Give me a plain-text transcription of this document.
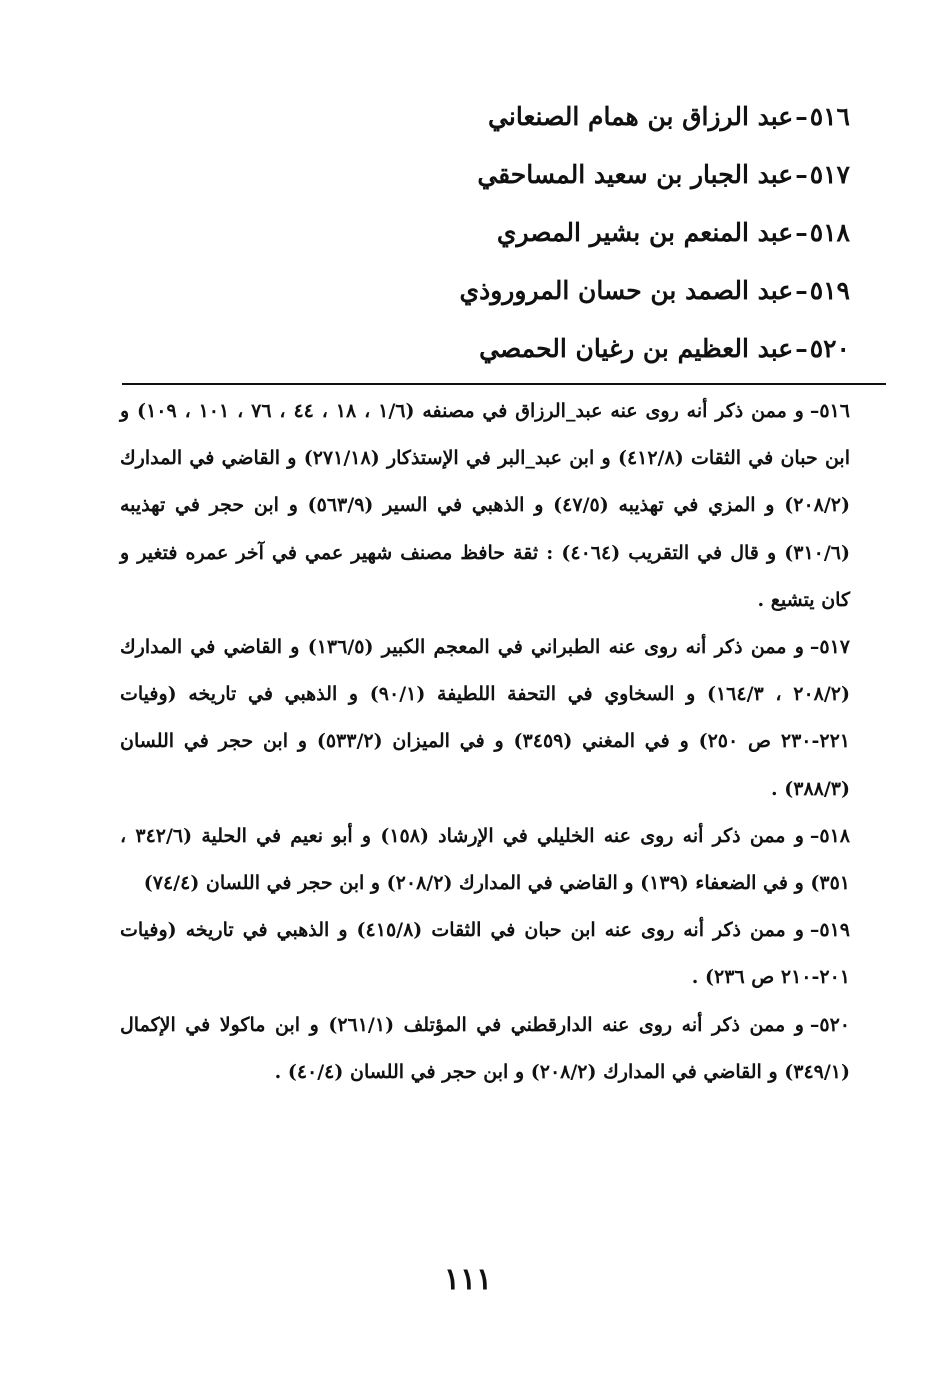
٥١٦–عبد الرزاق بن همام الصنعاني
٥١٧–عبد الجبار بن سعيد المساحقي
٥١٨–عبد المنعم بن بشير المصري
٥١٩–عبد الصمد بن حسان المروروذي
٥٢٠–عبد العظيم بن رغيان الحمصي

٥١٦–و ممن ذكر أنه روى عنه عبد_الرزاق في مصنفه (١/٦ ، ١٨ ، ٤٤ ، ٧٦ ، ١٠١ ، ١٠٩) و ابن حبان في الثقات (٤١٢/٨) و ابن عبد_البر في الإستذكار (٢٧١/١٨) و القاضي في المدارك (٢٠٨/٢) و المزي في تهذيبه (٤٧/٥) و الذهبي في السير (٥٦٣/٩) و ابن حجر في تهذيبه (٣١٠/٦) و قال في التقريب (٤٠٦٤) : ثقة حافظ مصنف شهير عمي في آخر عمره فتغير و كان يتشيع .

٥١٧–و ممن ذكر أنه روى عنه الطبراني في المعجم الكبير (١٣٦/٥) و القاضي في المدارك (٢٠٨/٢ ، ١٦٤/٣) و السخاوي في التحفة اللطيفة (٩٠/١) و الذهبي في تاريخه (وفيات ٢٢١-٢٣٠ ص ٢٥٠) و في المغني (٣٤٥٩) و في الميزان (٥٣٣/٢) و ابن حجر في اللسان (٣٨٨/٣) .

٥١٨–و ممن ذكر أنه روى عنه الخليلي في الإرشاد (١٥٨) و أبو نعيم في الحلية (٣٤٢/٦ ، ٣٥١) و في الضعفاء (١٣٩) و القاضي في المدارك (٢٠٨/٢) و ابن حجر في اللسان (٧٤/٤)

٥١٩–و ممن ذكر أنه روى عنه ابن حبان في الثقات (٤١٥/٨) و الذهبي في تاريخه (وفيات ٢٠١-٢١٠ ص ٢٣٦) .

٥٢٠–و ممن ذكر أنه روى عنه الدارقطني في المؤتلف (٢٦١/١) و ابن ماكولا في الإكمال (٣٤٩/١) و القاضي في المدارك (٢٠٨/٢) و ابن حجر في اللسان (٤٠/٤) .

١١١
